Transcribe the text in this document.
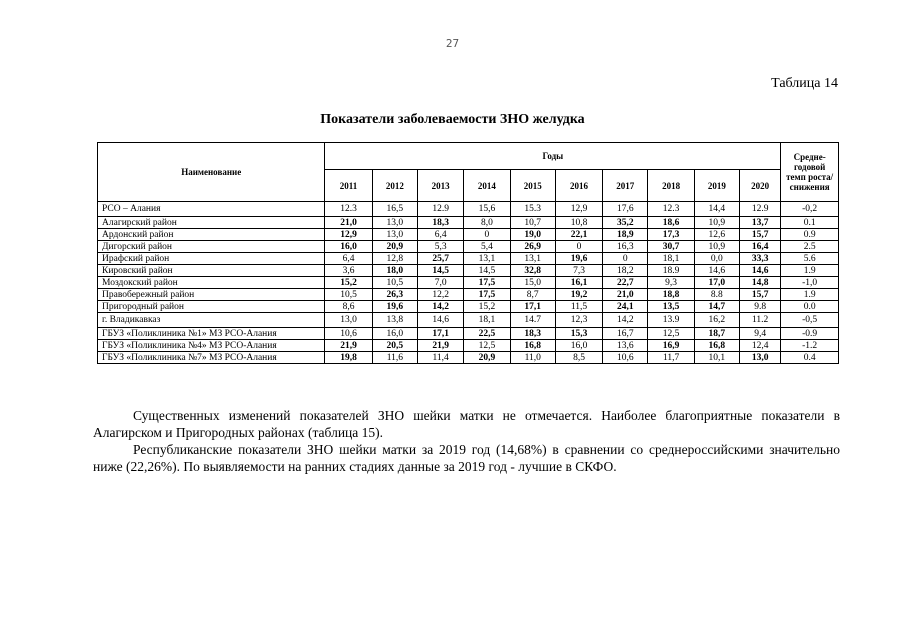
27
Таблица 14
Показатели заболеваемости ЗНО желудка
Наименование	Годы										Средне-годовой темп роста/ снижения
	2011	2012	2013	2014	2015	2016	2017	2018	2019	2020	
РСО – Алания	12.3	16,5	12.9	15,6	15.3	12,9	17,6	12.3	14,4	12.9	-0,2
Алагирский район	21,0	13,0	18,3	8,0	10,7	10,8	35,2	18,6	10,9	13,7	0.1
Ардонский район	12,9	13,0	6,4	0	19,0	22,1	18,9	17,3	12,6	15,7	0.9
Дигорский район	16,0	20,9	5,3	5,4	26,9	0	16,3	30,7	10,9	16,4	2.5
Ирафский район	6,4	12,8	25,7	13,1	13,1	19,6	0	18,1	0,0	33,3	5.6
Кировский район	3,6	18,0	14,5	14,5	32,8	7,3	18,2	18.9	14,6	14,6	1.9
Моздокский район	15,2	10,5	7,0	17,5	15,0	16,1	22,7	9,3	17,0	14,8	-1,0
Правобережный район	10,5	26,3	12,2	17,5	8,7	19,2	21,0	18,8	8.8	15,7	1.9
Пригородный район	8,6	19,6	14,2	15,2	17,1	11,5	24,1	13,5	14,7	9.8	0.0
г. Владикавказ	13,0	13,8	14,6	18,1	14.7	12,3	14,2	13.9	16,2	11.2	-0,5
ГБУЗ «Поликлиника №1» МЗ РСО-Алания	10,6	16,0	17,1	22,5	18,3	15,3	16,7	12,5	18,7	9,4	-0.9
ГБУЗ «Поликлиника №4» МЗ РСО-Алания	21,9	20,5	21,9	12,5	16,8	16,0	13,6	16,9	16,8	12,4	-1.2
ГБУЗ «Поликлиника №7» МЗ РСО-Алания	19,8	11,6	11,4	20,9	11,0	8,5	10,6	11,7	10,1	13,0	0.4
Существенных изменений показателей ЗНО шейки матки не отмечается. Наиболее благоприятные показатели в Алагирском и Пригородных районах (таблица 15).
Республиканские показатели ЗНО шейки матки за 2019 год (14,68%) в сравнении со среднероссийскими значительно ниже (22,26%). По выявляемости на ранних стадиях данные за 2019 год - лучшие в СКФО.
